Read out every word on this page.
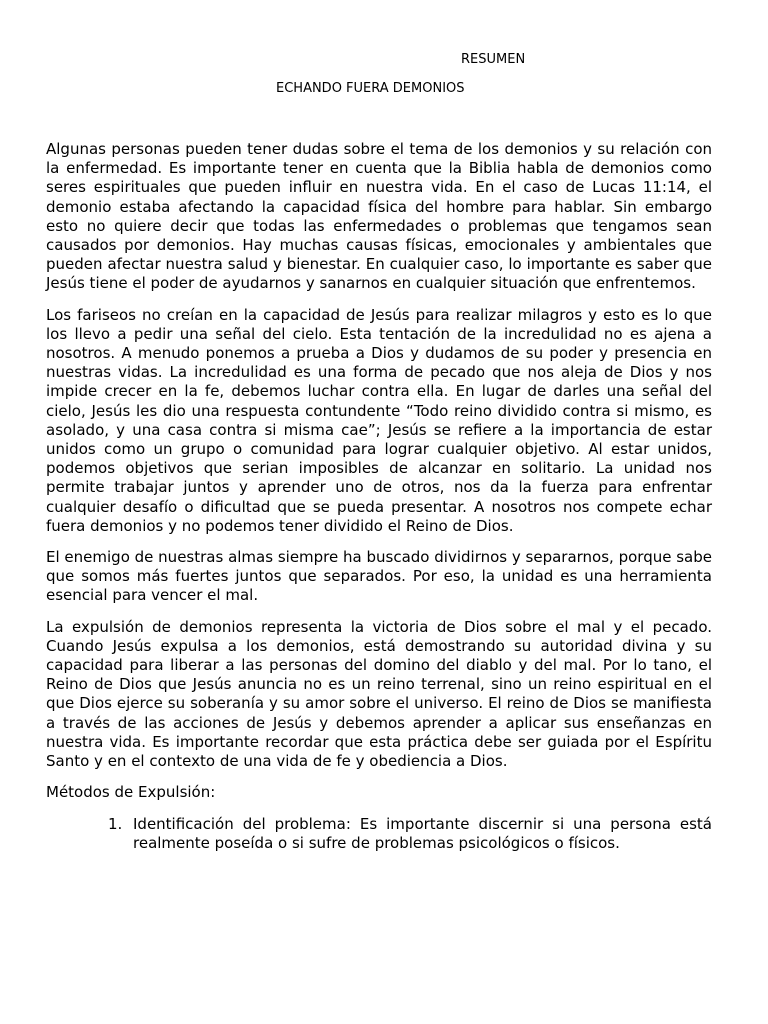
RESUMEN
ECHANDO FUERA DEMONIOS

Algunas personas pueden tener dudas sobre el tema de los demonios y su relación con la enfermedad. Es importante tener en cuenta que la Biblia habla de demonios como seres espirituales que pueden influir en nuestra vida. En el caso de Lucas 11:14, el demonio estaba afectando la capacidad física del hombre para hablar. Sin embargo esto no quiere decir que todas las enfermedades o problemas que tengamos sean causados por demonios. Hay muchas causas físicas, emocionales y ambientales que pueden afectar nuestra salud y bienestar. En cualquier caso, lo importante es saber que Jesús tiene el poder de ayudarnos y sanarnos en cualquier situación que enfrentemos.

Los fariseos no creían en la capacidad de Jesús para realizar milagros y esto es lo que los llevo a pedir una señal del cielo. Esta tentación de la incredulidad no es ajena a nosotros. A menudo ponemos a prueba a Dios y dudamos de su poder y presencia en nuestras vidas. La incredulidad es una forma de pecado que nos aleja de Dios y nos impide crecer en la fe, debemos luchar contra ella. En lugar de darles una señal del cielo, Jesús les dio una respuesta contundente “Todo reino dividido contra si mismo, es asolado, y una casa contra si misma cae”; Jesús se refiere a la importancia de estar unidos como un grupo o comunidad para lograr cualquier objetivo. Al estar unidos, podemos objetivos que serian imposibles de alcanzar en solitario. La unidad nos permite trabajar juntos y aprender uno de otros, nos da la fuerza para enfrentar cualquier desafío o dificultad que se pueda presentar. A nosotros nos compete echar fuera demonios y no podemos tener dividido el Reino de Dios.

El enemigo de nuestras almas siempre ha buscado dividirnos y separarnos, porque sabe que somos más fuertes juntos que separados. Por eso, la unidad es una herramienta esencial para vencer el mal.

La expulsión de demonios representa la victoria de Dios sobre el mal y el pecado. Cuando Jesús expulsa a los demonios, está demostrando su autoridad divina y su capacidad para liberar a las personas del domino del diablo y del mal. Por lo tano, el Reino de Dios que Jesús anuncia no es un reino terrenal, sino un reino espiritual en el que Dios ejerce su soberanía y su amor sobre el universo. El reino de Dios se manifiesta a través de las acciones de Jesús y debemos aprender a aplicar sus enseñanzas en nuestra vida. Es importante recordar que esta práctica debe ser guiada por el Espíritu Santo y en el contexto de una vida de fe y obediencia a Dios.

Métodos de Expulsión:

1. Identificación del problema: Es importante discernir si una persona está realmente poseída o si sufre de problemas psicológicos o físicos.
